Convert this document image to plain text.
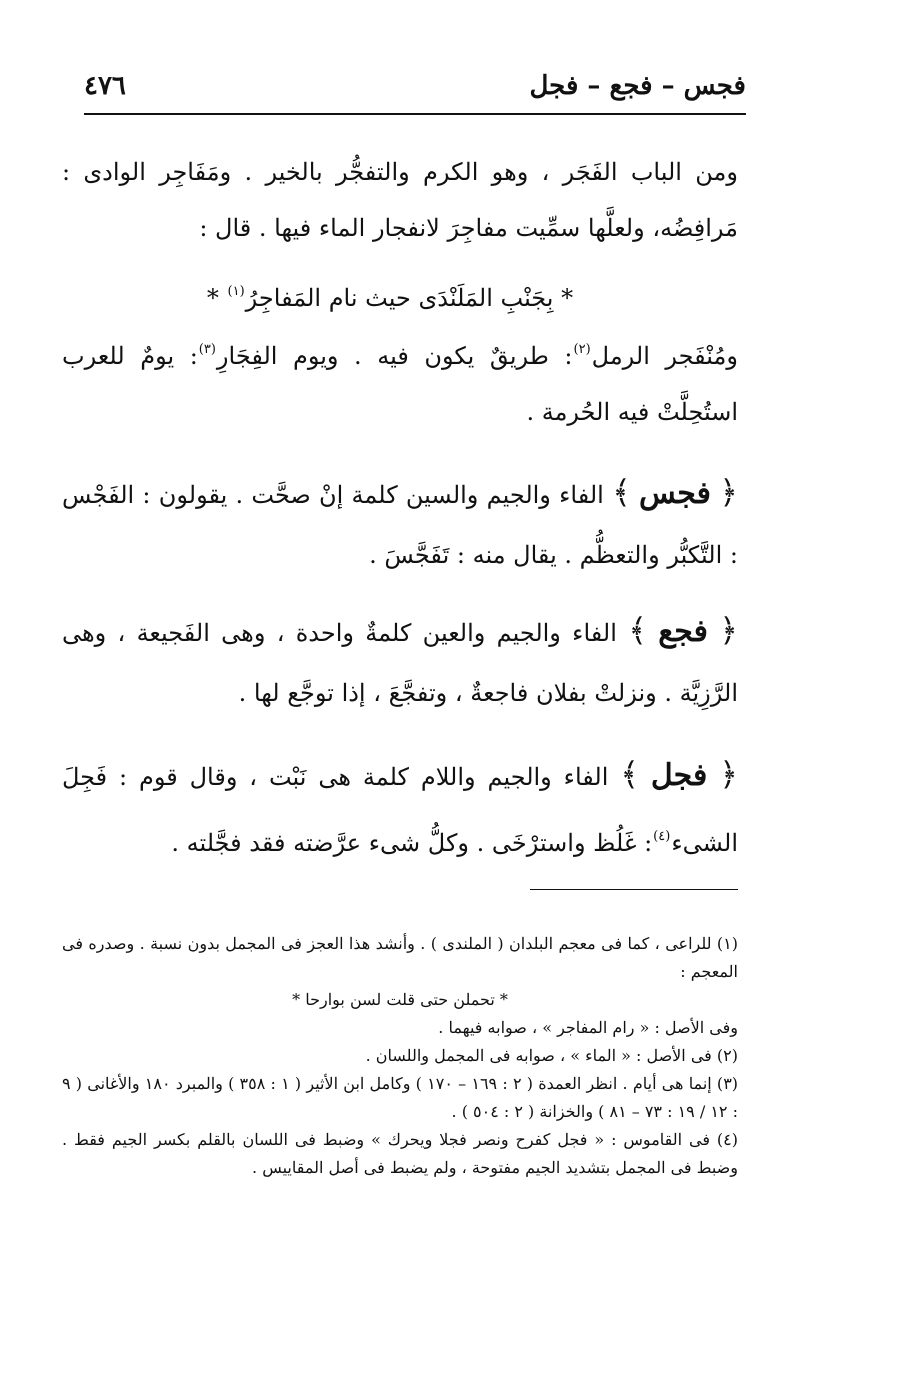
٤٧٦	فجس – فجع – فجل
ومن الباب الفَجَر ، وهو الكرم والتفجُّر بالخير . ومَفَاجِر الوادى : مَرافِضُه، ولعلَّها سمِّيت مفاجِرَ لانفجار الماء فيها . قال :
* بِجَنْبِ المَلَنْدَى حيث نام المَفاجِرُ$^{(١)}$ *
ومُنْفَجر الرمل$^{(٢)}$: طريقٌ يكون فيه . ويوم الفِجَارِ$^{(٣)}$: يومٌ للعرب استُحِلَّتْ فيه الحُرمة .
﴿ فجس ﴾ الفاء والجيم والسين كلمة إنْ صحَّت . يقولون : الفَجْس : التَّكبُّر والتعظُّم . يقال منه : تَفَجَّسَ .
﴿ فجع ﴾ الفاء والجيم والعين كلمةٌ واحدة ، وهى الفَجيعة ، وهى الرَّزِيَّة . ونزلتْ بفلان فاجعةٌ ، وتفجَّعَ ، إذا توجَّع لها .
﴿ فجل ﴾ الفاء والجيم واللام كلمة هى نَبْت ، وقال قوم : فَجِلَ الشىء$^{(٤)}$: غَلُظ واسترْخَى . وكلُّ شىء عرَّضته فقد فجَّلته .

(١) للراعى ، كما فى معجم البلدان ( الملندى ) . وأنشد هذا العجز فى المجمل بدون نسبة . وصدره فى المعجم :

* تحملن حتى قلت لسن بوارحا *

وفى الأصل : « رام المفاجر » ، صوابه فيهما .

(٢) فى الأصل : « الماء » ، صوابه فى المجمل واللسان .

(٣) إنما هى أيام . انظر العمدة ( ٢ : ١٦٩ – ١٧٠ ) وكامل ابن الأثير ( ١ : ٣٥٨ ) والمبرد ١٨٠ والأغانى ( ٩ : ١٢ / ١٩ : ٧٣ – ٨١ ) والخزانة ( ٢ : ٥٠٤ ) .

(٤) فى القاموس : « فجل كفرح ونصر فجلا ويحرك » وضبط فى اللسان بالقلم بكسر الجيم فقط . وضبط فى المجمل بتشديد الجيم مفتوحة ، ولم يضبط فى أصل المقاييس .
